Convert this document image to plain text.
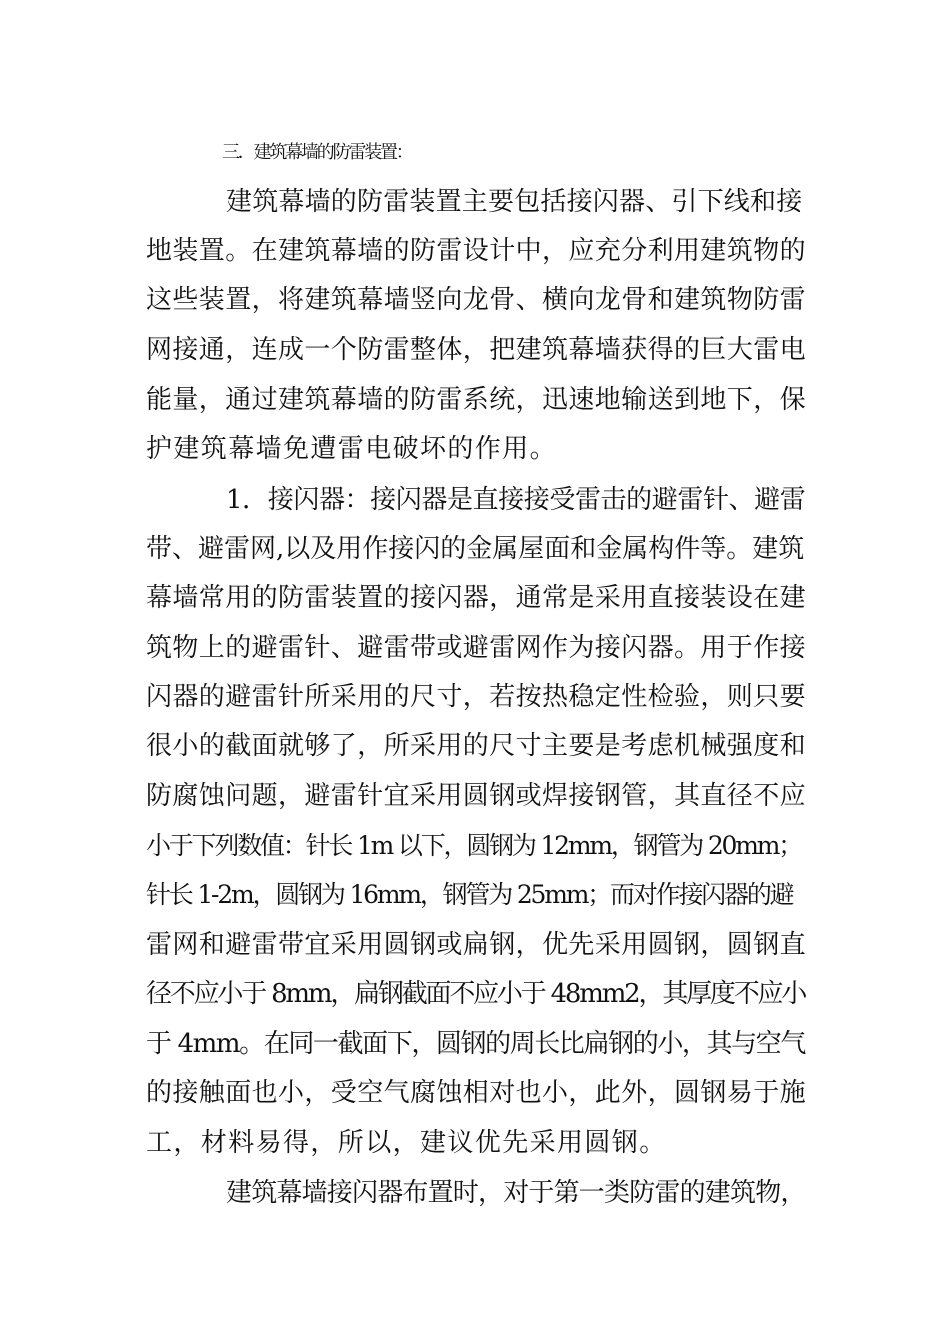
三．建筑幕墙的防雷装置：
建筑幕墙的防雷装置主要包括接闪器、引下线和接
地装置。在建筑幕墙的防雷设计中，应充分利用建筑物的
这些装置，将建筑幕墙竖向龙骨、横向龙骨和建筑物防雷
网接通，连成一个防雷整体，把建筑幕墙获得的巨大雷电
能量，通过建筑幕墙的防雷系统，迅速地输送到地下，保
护建筑幕墙免遭雷电破坏的作用。
1．接闪器：接闪器是直接接受雷击的避雷针、避雷
带、避雷网,以及用作接闪的金属屋面和金属构件等。建筑
幕墙常用的防雷装置的接闪器，通常是采用直接装设在建
筑物上的避雷针、避雷带或避雷网作为接闪器。用于作接
闪器的避雷针所采用的尺寸，若按热稳定性检验，则只要
很小的截面就够了，所采用的尺寸主要是考虑机械强度和
防腐蚀问题，避雷针宜采用圆钢或焊接钢管，其直径不应
小于下列数值：针长 1m 以下，圆钢为 12mm，钢管为 20mm；
针长 1-2m，圆钢为 16mm，钢管为 25mm；而对作接闪器的避
雷网和避雷带宜采用圆钢或扁钢，优先采用圆钢，圆钢直
径不应小于 8mm，扁钢截面不应小于 48mm2，其厚度不应小
于 4mm。在同一截面下，圆钢的周长比扁钢的小，其与空气
的接触面也小，受空气腐蚀相对也小，此外，圆钢易于施
工，材料易得，所以，建议优先采用圆钢。
建筑幕墙接闪器布置时，对于第一类防雷的建筑物，
